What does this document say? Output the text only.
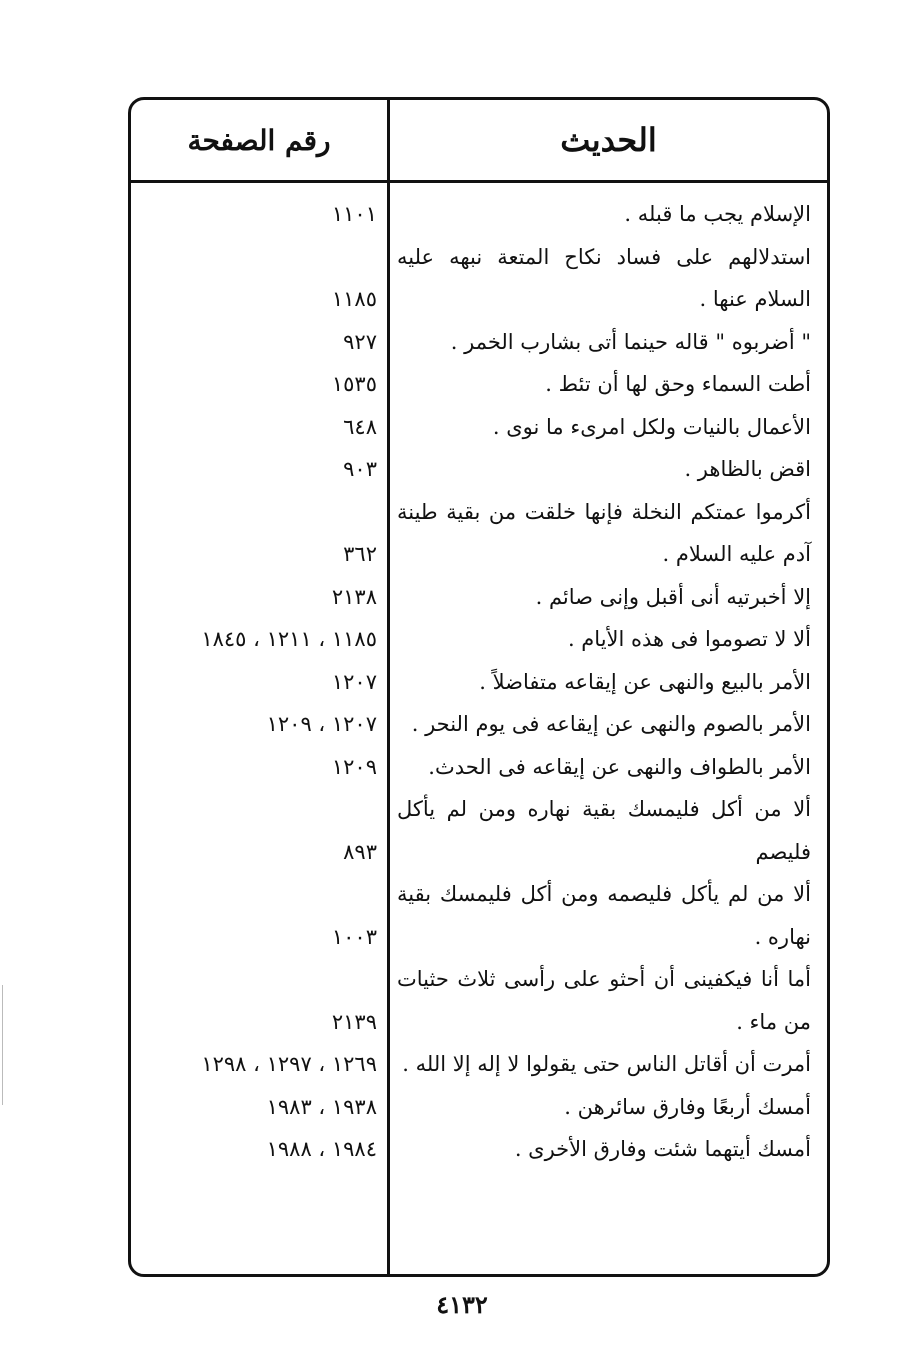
الحديث
رقم الصفحة
الإسلام يجب ما قبله .
١١٠١
استدلالهم على فساد نكاح المتعة نبهه عليه السلام عنها .
١١٨٥
" أضربوه " قاله حينما أتى بشارب الخمر .
٩٢٧
أطت السماء وحق لها أن تئط .
١٥٣٥
الأعمال بالنيات ولكل امرىء ما نوى .
٦٤٨
اقض بالظاهر .
٩٠٣
أكرموا عمتكم النخلة فإنها خلقت من بقية طينة آدم عليه السلام .
٣٦٢
إلا أخبرتيه أنى أقبل وإنى صائم .
٢١٣٨
ألا لا تصوموا فى هذه الأيام .
١١٨٥ ، ١٢١١ ، ١٨٤٥
الأمر بالبيع والنهى عن إيقاعه متفاضلاً .
١٢٠٧
الأمر بالصوم والنهى عن إيقاعه فى يوم النحر .
١٢٠٧ ، ١٢٠٩
الأمر بالطواف والنهى عن إيقاعه فى الحدث.
١٢٠٩
ألا من أكل فليمسك بقية نهاره ومن لم يأكل فليصم
٨٩٣
ألا من لم يأكل فليصمه ومن أكل فليمسك بقية نهاره .
١٠٠٣
أما أنا فيكفينى أن أحثو على رأسى ثلاث حثيات من ماء .
٢١٣٩
أمرت أن أقاتل الناس حتى يقولوا لا إله إلا الله .
١٢٦٩ ، ١٢٩٧ ، ١٢٩٨
أمسك أربعًا وفارق سائرهن .
١٩٣٨ ، ١٩٨٣
أمسك أيتهما شئت وفارق الأخرى .
١٩٨٤ ، ١٩٨٨
٤١٣٢
